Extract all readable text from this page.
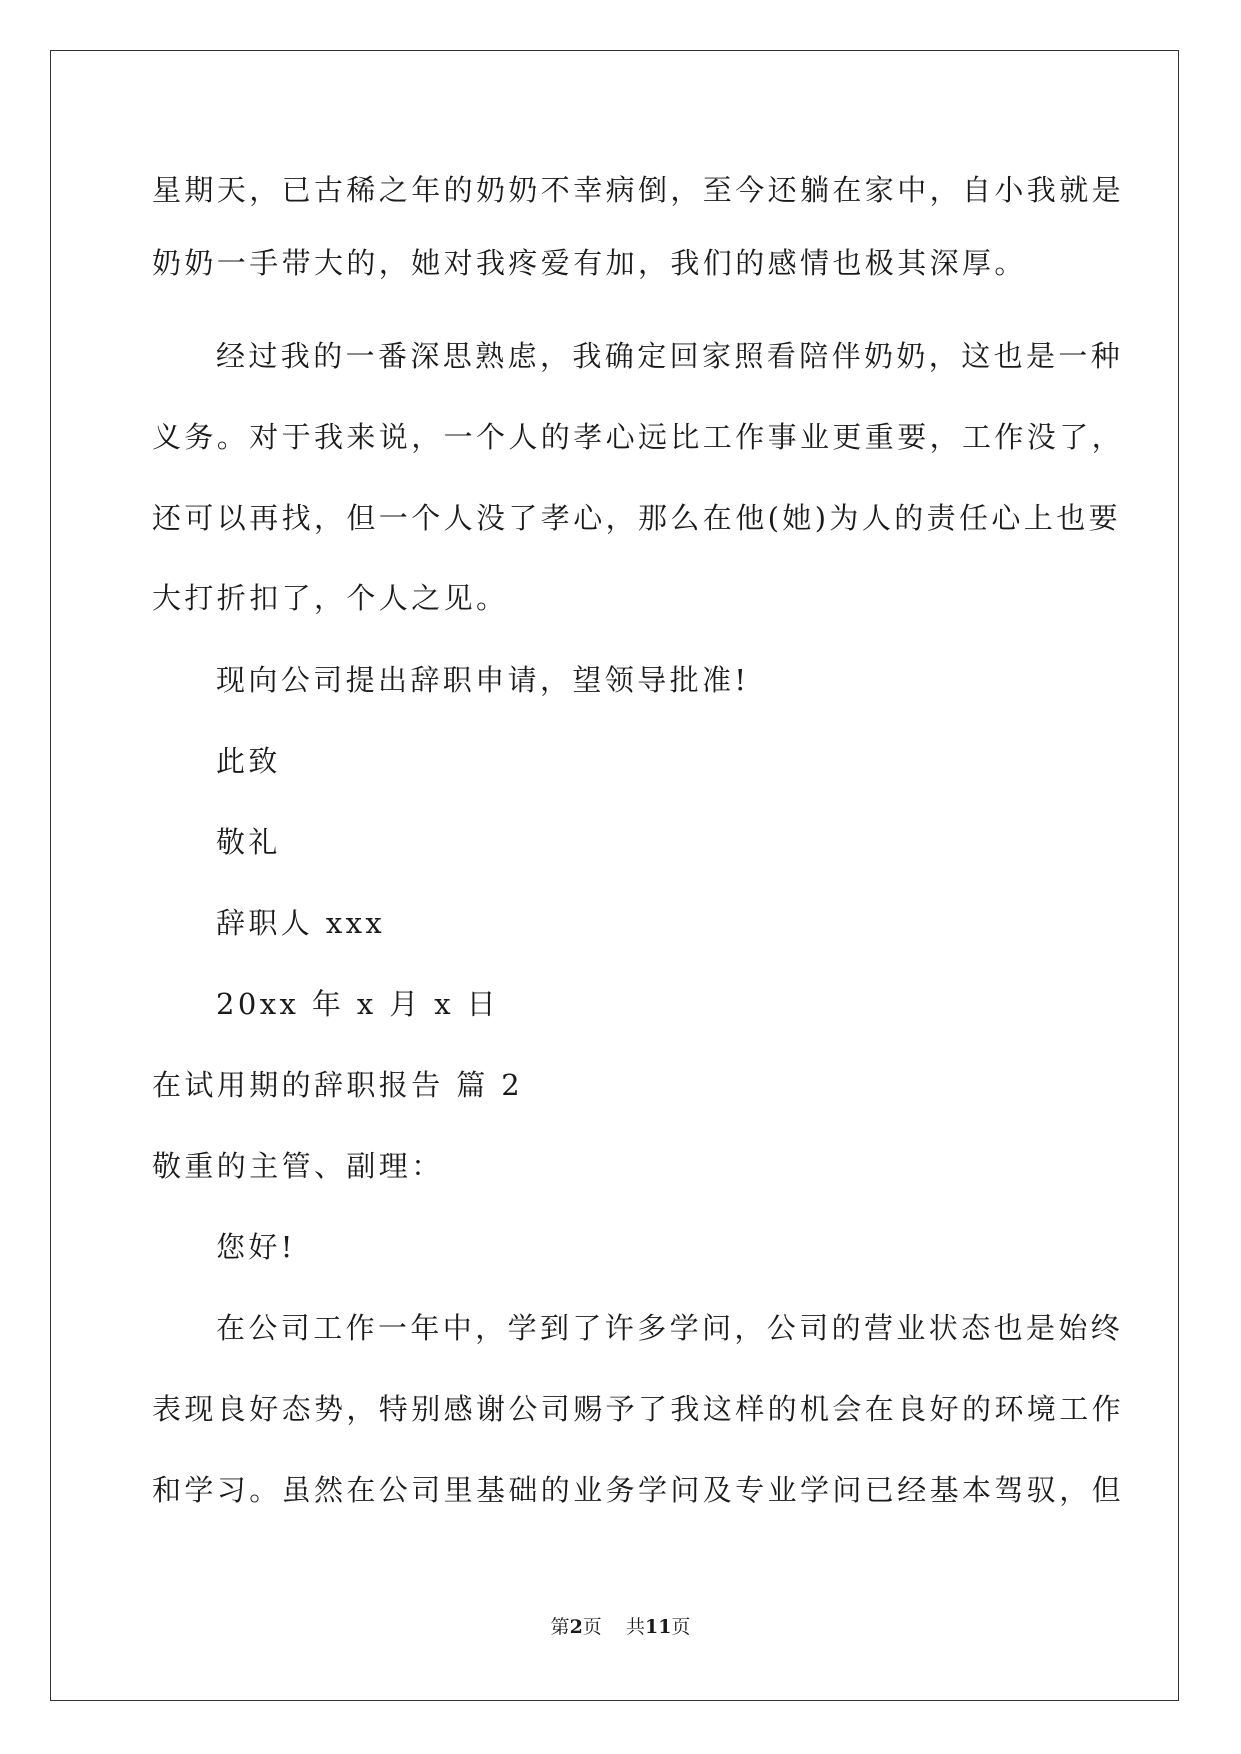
星期天，已古稀之年的奶奶不幸病倒，至今还躺在家中，自小我就是
奶奶一手带大的，她对我疼爱有加，我们的感情也极其深厚。
经过我的一番深思熟虑，我确定回家照看陪伴奶奶，这也是一种
义务。对于我来说，一个人的孝心远比工作事业更重要，工作没了，
还可以再找，但一个人没了孝心，那么在他(她)为人的责任心上也要
大打折扣了，个人之见。
现向公司提出辞职申请，望领导批准!
此致
敬礼
辞职人 xxx
20xx 年 x 月 x 日
在试用期的辞职报告 篇 2
敬重的主管、副理：
您好!
在公司工作一年中，学到了许多学问，公司的营业状态也是始终
表现良好态势，特别感谢公司赐予了我这样的机会在良好的环境工作
和学习。虽然在公司里基础的业务学问及专业学问已经基本驾驭，但
第2页    共11页
